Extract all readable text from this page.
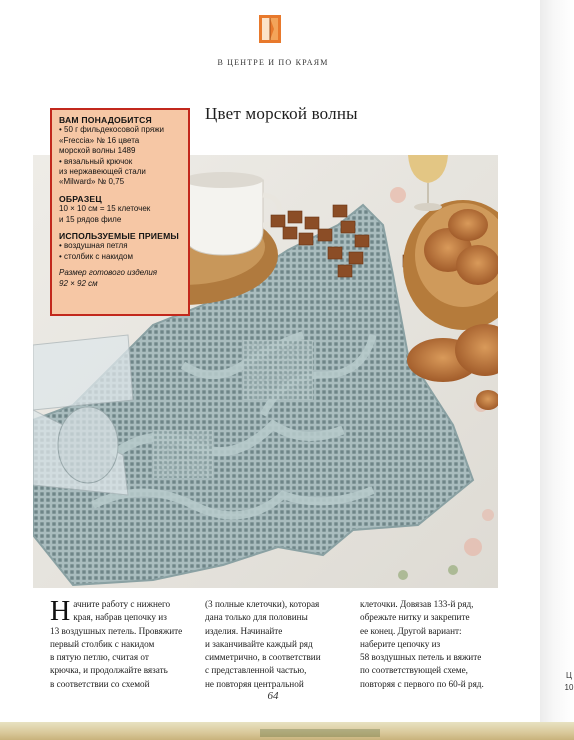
Ц
10
В ЦЕНТРЕ И ПО КРАЯМ
Цвет морской волны
ВАМ ПОНАДОБИТСЯ
• 50 г фильдекосовой пряжи
«Freccia» № 16 цвета
морской волны 1489
• вязальный крючок
из нержавеющей стали
«Milward» № 0,75
ОБРАЗЕЦ
10 × 10 см = 15 клеточек
и 15 рядов филе
ИСПОЛЬЗУЕМЫЕ ПРИЕМЫ
• воздушная петля
• столбик с накидом
Размер готового изделия
92 × 92 см
Н ачните работу с нижнего
края, набрав цепочку из
13 воздушных петель. Провяжите
первый столбик с накидом
в пятую петлю, считая от
крючка, и продолжайте вязать
в соответствии со схемой
(3 полные клеточки), которая
дана только для половины
изделия. Начинайте
и заканчивайте каждый ряд
симметрично, в соответствии
с представленной частью,
не повторяя центральной
клеточки. Довязав 133-й ряд,
обрежьте нитку и закрепите
ее конец. Другой вариант:
наберите цепочку из
58 воздушных петель и вяжите
по соответствующей схеме,
повторяя с первого по 60-й ряд.
64
